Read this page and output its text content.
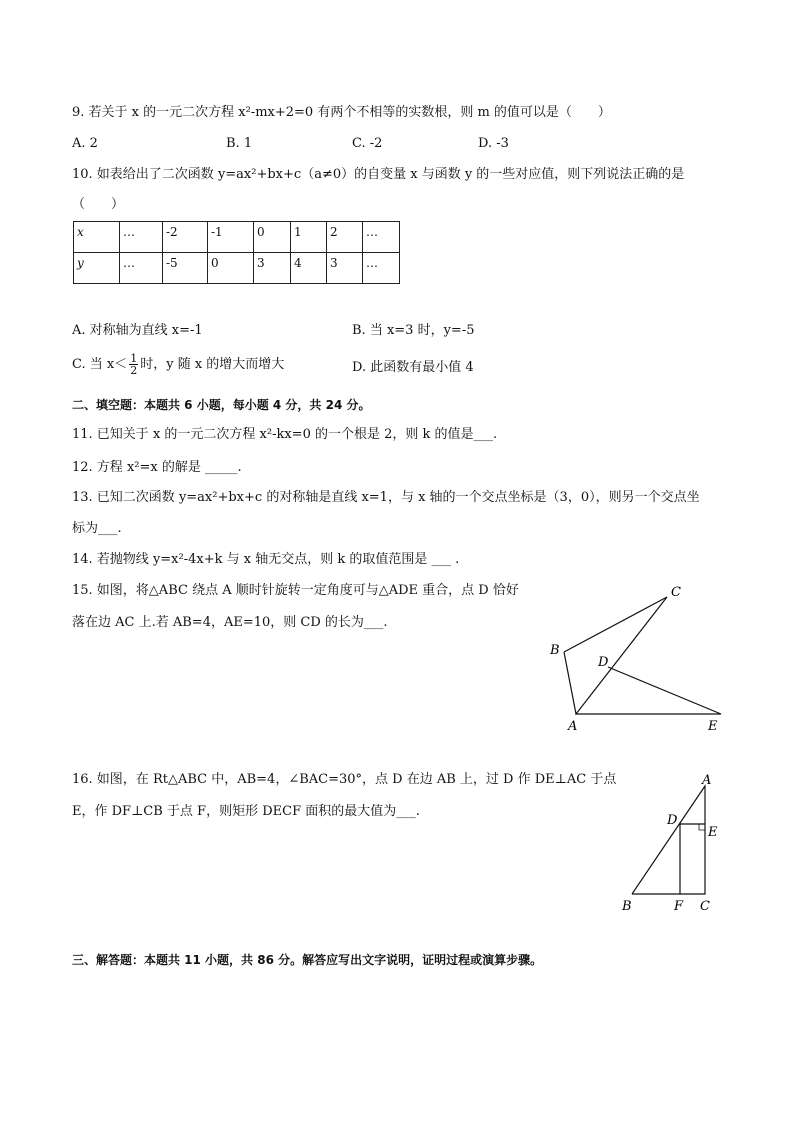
9. 若关于 x 的一元二次方程 x²-mx+2=0 有两个不相等的实数根，则 m 的值可以是（　　）
A. 2	B. 1	C. -2	D. -3
10. 如表给出了二次函数 y=ax²+bx+c（a≠0）的自变量 x 与函数 y 的一些对应值，则下列说法正确的是
（　　）
x	…	-2	-1	0	1	2	…
y	…	-5	0	3	4	3	…
A. 对称轴为直线 x=-1	B. 当 x=3 时，y=-5
C. 当 $x< \frac{1}{2}$ 时，y 随 x 的增大而增大	D. 此函数有最小值 4
二、填空题：本题共 6 小题，每小题 4 分，共 24 分。
11. 已知关于 x 的一元二次方程 x²-kx=0 的一个根是 2，则 k 的值是___.
12. 方程 x²=x 的解是 _____.
13. 已知二次函数 y=ax²+bx+c 的对称轴是直线 x=1，与 x 轴的一个交点坐标是（3，0），则另一个交点坐
标为___.
14. 若抛物线 y=x²-4x+k 与 x 轴无交点，则 k 的取值范围是 ___ .
15. 如图，将△ABC 绕点 A 顺时针旋转一定角度可与△ADE 重合，点 D 恰好
落在边 AC 上.若 AB=4，AE=10，则 CD 的长为___.
C
B
D
A	E
16. 如图，在 Rt△ABC 中，AB=4，∠BAC=30°，点 D 在边 AB 上，过 D 作 DE⊥AC 于点
E，作 DF⊥CB 于点 F，则矩形 DECF 面积的最大值为___.
A
D
E
B	F C
三、解答题：本题共 11 小题，共 86 分。解答应写出文字说明，证明过程或演算步骤。
